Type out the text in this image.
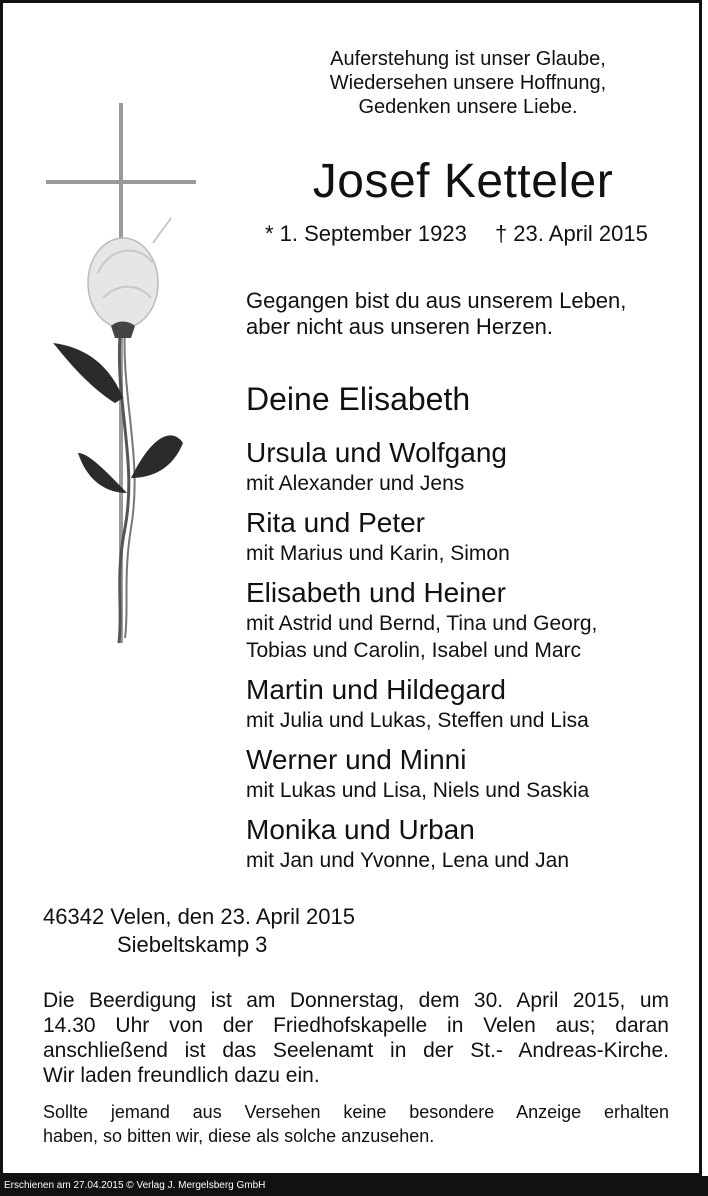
Auferstehung ist unser Glaube,
Wiedersehen unsere Hoffnung,
Gedenken unsere Liebe.
Josef Ketteler
* 1. September 1923 † 23. April 2015
Gegangen bist du aus unserem Leben,
aber nicht aus unseren Herzen.
Deine Elisabeth
Ursula und Wolfgang
mit Alexander und Jens
Rita und Peter
mit Marius und Karin, Simon
Elisabeth und Heiner
mit Astrid und Bernd, Tina und Georg,
Tobias und Carolin, Isabel und Marc
Martin und Hildegard
mit Julia und Lukas, Steffen und Lisa
Werner und Minni
mit Lukas und Lisa, Niels und Saskia
Monika und Urban
mit Jan und Yvonne, Lena und Jan
46342 Velen, den 23. April 2015
Siebeltskamp 3
Die Beerdigung ist am Donnerstag, dem 30. April 2015, um
14.30 Uhr von der Friedhofskapelle in Velen aus; daran
anschließend ist das Seelenamt in der St.- Andreas-Kirche.
Wir laden freundlich dazu ein.
Sollte jemand aus Versehen keine besondere Anzeige erhalten
haben, so bitten wir, diese als solche anzusehen.
Erschienen am 27.04.2015 © Verlag J. Mergelsberg GmbH
